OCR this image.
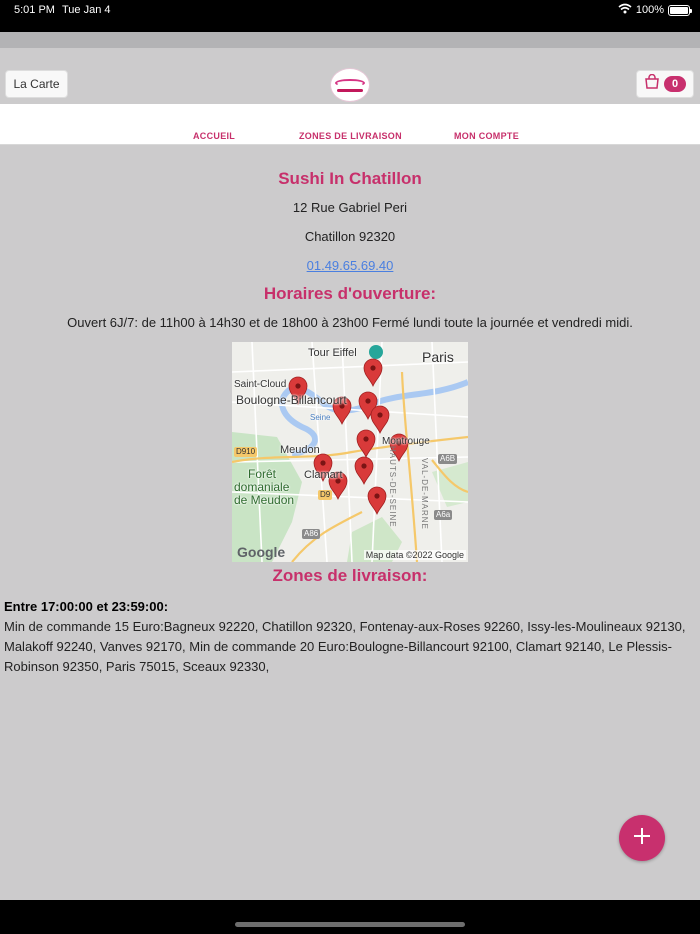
5:01 PM Tue Jan 4	100%
La Carte	0
ACCUEIL	ZONES DE LIVRAISON	MON COMPTE
Sushi In Chatillon
12 Rue Gabriel Peri
Chatillon 92320
01.49.65.69.40
Horaires d'ouverture:
Ouvert 6J/7: de 11h00 à 14h30 et de 18h00 à 23h00 Fermé lundi toute la journée et vendredi midi.
Tour Eiffel	Paris
Saint-Cloud
Boulogne-Billancourt
Montrouge
Meudon
Forêt
domaniale
de Meudon
Clamart
Seine
D910
A6B
A6a
A86
D9	HAUTS-DE-SEINE	VAL-DE-MARNE
Google	Map data ©2022 Google
Zones de livraison:
Entre 17:00:00 et 23:59:00:
Min de commande 15 Euro:Bagneux 92220, Chatillon 92320, Fontenay-aux-Roses 92260, Issy-les-Moulineaux 92130, Malakoff 92240, Vanves 92170, Min de commande 20 Euro:Boulogne-Billancourt 92100, Clamart 92140, Le Plessis-Robinson 92350, Paris 75015, Sceaux 92330,
